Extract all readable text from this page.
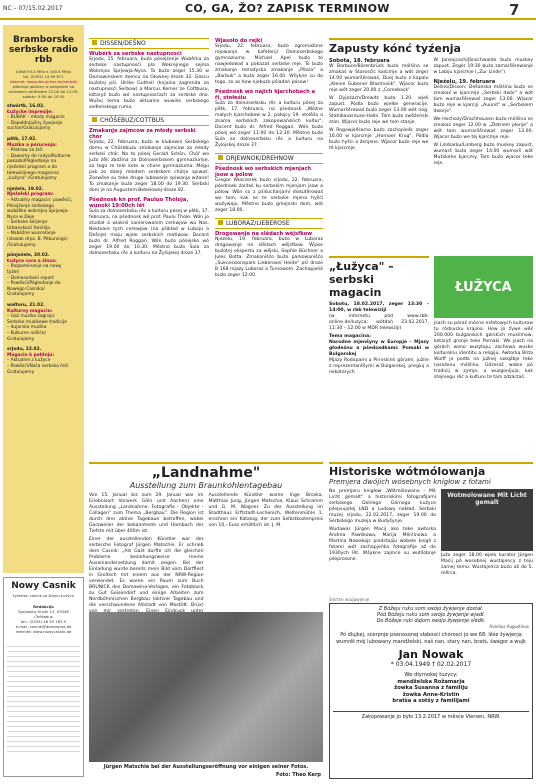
NC – 07/15.02.2017	CO, GA, ŽO? ZAPISK TERMINOW	7
Bramborske serbske radio rbb
(UKW 93.4 MHz a 100.5 MHz)
tel. (0355) 14 99 871
internet: www.rbb-online.de/serbski
wšednje gódziny w pónjeźele na serbskem zarědnem 12.00 do 13.00;
sobotu: 9.00 do 10.00
stwórtk, 16.02.
Łužycke impresije:
– BUBAK – młody magacin
– Dopołdnjajšny žywjenje
suchar/Gratulujomy
pětk, 17.02.
Muzika a pórucenja:
– Póstrow za žiśi
– Dawamy do radyo/Kulturne
pokazki/Pógledanje na
nježelski program a do
telewizijnego magacina
„Łužyca" /Gratulujomy
njeźela, 19.02.
Nježelski program:
– Aktualny magacin: powěsći,
Pósejźenje serbskego
wubźěka wokrejsa Sprjewja-
Nysa w Deje
– Serbske kórjenje:
Urbanskosć familija
– Nabóžne wuscelanje
(slowak drpz. B. Pitkunings)
/Gratulujomy
pónjeźele, 20.02.
Łužyca cora a źinsa:
– Rozpominanje na nowy
tyźeń
– Dolnoserbski report
– Powěsći/Pógledanje do
Nowego Casnika/
Gratulujomy
wałtoru, 21.02.
Kulturny magacin:
– Gaž muzika zagraju:
Serbske muzikowe tradicije
– dujarska muzika
– Kulturne nošiće/
Gratulujomy
srjodu, 22.02.
Magacin k połdnju:
– Aktualne z Łužyce
– Powěsći/Naša serbska řeč/
Gratulujomy
Nowy Casnik
tyźeński casnik za Dolnu Łužycu
Redakcija
Sprjewiny kružk 13, 03046 Chóśebuz
tel.: (0355) 48 55 763 0
e-mail: casnik@domowina.de
internet: www.nowycasnik.de
DISSEN/DEŠNO
Wuběrk za serbske nastupnosći

Srjodu, 15. februara, buźo pósejźenje Wuběrka za serbske nastupnosći pla Wokrejnego sejma Wokrejsa Sprjewja-Nysa. To buźo zeger 15.30 w Domowinskem domcu na Głownej droze 32. Góscu buźotej pśi. Ulrike Gutheil (knjaina zagronita za nastupnosći Serbow) a Marcus Kerner ze Cottbusu, kótaryž buźo wó nastupnosćach za serbske dno. Wušej tema buźo aktualne wuwiśe serbskego sedleńskego ruma.

CHÓŚEBUZ/COTTBUS
Zmakanje zajmcow za młody serbski chór

Srjodu, 22. februara, buźo w klubowni Serbskego domu w Chóśebuzu zmakanje zajmcow za młody serbski chór. Na to pósej Gerald Schön. Chóř wo južo źěli zbóžina za Dolnoserbskem gymnaziumje, za togo re tele koto w chore gymnaziuma. Mógu pak zo daleý młodem serbskem chórje spiwaś. Zaswěse su teke druge lubowarje spiwanja witane! To zmakanje buźo zeger 18.00 do 19.30. Serbski dom je na Augustem-Bebelowej-droze 82.

Pśednosk kn prof. Pauluo Tholoja, wunoki 19:00ch lět

Sula za dolnoserbsku rěc a kulturu pósej w pětk, 17. februara, na pśednosk wó prof. Paulu Thole. Wón jo studiał a wiaknil sanierowanim cerkwjow wu Nas. Nekteare tych cerkwjow (na pśikład w Luboju a Dešnje) maju wjele serbskich motiwow. Docent buźo dr. Alfred Roggan. Wón buźo pósejsko wó zeger 19.00 do 10.30. Městno buźo Sula za dolnoserbsku rěc a kulturu na Žylojskej droze 37.

Wjasoło do rejki

Srjodu, 22. februara, buźo zgromaźone rejowanje w kafeteriji Dolnoserbskego gymnaziuma. Michael Apel buźo to nawjedowaś a pokazaś serbske reje. To buźo zmakanje tematyska zmakanje „Pšeza" a „Barbuk" a buźo zeger 16.00. Wšykne su do togo, zo as how njebuźo pśiadań pósow!

Pśednosk wó najich kjarchobach a ři, stołeśiu

Sula za dolnoserbsku rěc a kulturu pósej za pětk, 17. februara, na pśednosk „Wóźne małych kjarchobow w 2. połojcy 19. stolěśa a znama serbskich zakopowańskich kultur". Docent buźo dr. Alfred Roggan. Wón buźo pósej wó zeger 11:00 do 12:30. Městno buźo Sula za dolnoserbsku rěc a kulturu na Žylojskej droze 37.

DRJEWNOK/DREHNOW
Pśednosk wó serbskich mjenjach jsow a pólow

Gregor Wieczorek buźo srjodu, 22. februara, pśednosk źaržaś ku serbskim mjenjam jsow a pólow. Wón co z pśiśucharjami diskutěrowaś wo tom, kak se te serbske mjena hyšći wužywaju. Městno buźo gmejnski dom, wót zeger 18.00.

LUBORAZ/LIEBEROSE
Drogowanje na slědach wějsfkow

Njeźelu, 19. februara, buźo w Luboraz drogowanje na slědach wějsfkow. Wjase buźotej ekspertu za wějski, Sophie Büchner a Jules Botta. Zmakanišćo buźo parkowanišćo „Sukcessionspark Lieberose/ Heide" pśi droze B 168 mjazy Luboraz a Turnowom. Zachopjeńk buźo zeger 12:00.

Zapusty kónć tyźenja
Sobota, 18. februara

W Barbuce/Bärenbrück buźo mólśina se zmakaś w Starosćic kaścmje a wót zeger 14.00 wumaršěrowaś, Duoj buźo z kapalu „Kleine Gubener Blasmusik". Wjacor buźo reje wót zeger 20.00 z „Comeback"

W Dyjeżach/Drewitz buźo 1.20. wjeli zapust. Pódla buźo wjelke generacije. Wumaršěrowaś buźo zeger 13.00 wót nog. Stahlbaukrause-Halle. Tam buźo swěźeński stan. Wjacor buźo reje we tom stanje.

W Rogowje/Horno buźo zachopieśk zeger 16.00 w kjarcmje „Hornoer Krug". Pódla buźo hyšci a žeńjene. Wjacor buźo reje we té kjarcmje.

W Jansojcach/Jänschwalde buźo muskey zapust. Zeger 19:30 buźo zamaršěrowanje w Labiju kjarcmje („Zur Linde").

Njeźelu, 19. februara

Dešno/Dissen: Dešańska mólśina buźo se zmakaś w kjarcmje „Serbski dwór" a wót tam wumaršěrowaś zeger 13.00. Wjacor buźo reje w kjarcŋi „Auund" w „Serbskem dworje".

We Hochozy/Drachhausen buźo mólśina se zmakaś zeger 12.00 w „Złotnem płonje" a wót tam wumaršěrowaś zeger 13.00. Wjacor buźo we tej kjarcmje reje.

W Limbarku/Limberg buźo muskey zapust, wumarš buźo zeger 14.00 wumarš wót Mužskeho kjarcmy. Tam buźo wjacor teke reje.

„Łužyca" – serbski magacin

Sobotu, 18.02.2017, zeger 13:30 – 14:00, w rbb telewiziji

(w internetu pód www.rbb-online.de/luzyca; wótdań 23.02.2017, 11:30 – 12:00 w MDR telewiziji)

Tema magacina:

Narodne mjenšyny w Europje – Mjazy głodeśnu a pśedsadkami: Pomaki w Bulgarskej

Mjazy Rodopami a Pirinskimi górami, južne z reprezentantšymi w Bulgarskej, pregiuj a nekotarych

ŁUŽYCA

jsach su póraś mócne městowych kulturow tu ródnucku krajina. How jo žywe wěś 200.000 bulgarskich górskich muslimow, kotaryž gronje teke Pomaki. We jsach na górách wono wuzýtaju, zachowa wuske kulturelnu identitu a religiju. Awtorka Brita Wulff je podła na južnej swajźbje teke naroźenu mólśinu. Gdzeraž wobie pó tradicij w zymje, a wuzgonijujo, kak stejniegu rěć a kulturu te tam zdzarźaś.

„Landnahme"
Ausstellung zum Braunkohlentagebau

Von 15. Januar bis zum 29. Januar war im Erlebnisort Vorwerk Göln und Aachen) eine Ausstellung „Landnahme. Fotografie - Objekte - Collagen" zum Thema „Bergbau". Die Region ist durch drei aktive Tagebaue betroffen, wobei Garzweiler der bekannteste und Hambach der Tiefste mit über 400m ist.

Einer der ausstellenden Künstler war der serbische Fotograf Jürgen Matschie. Er schrieb dem Casnik: „Als Gast durfte ich die gleichen Probleme beziehungsweise meine Auseinandersetzung damit zeigen. Bei der Einladung wurde bereits mein Bild vom Dorfflest in Groitsch mit einem aus der NRW-Region verwendet. Es waren ein Raum zum Buch BRUNICK des Domowina-Verlages, ein Fotoblock zu Gut Geisendorf und einige Arbeiten zum Nordböhmischen Bergbau (aktiver Tagebau und die verschwundene Altstadt von Most/dt. Brüx)

Ausstellende Künstler waren Inge Broska, Matthias Jung, Jürgen Matschie, Klaus Schramm und G. M. Wagner. Zu der Ausstellung im Stadthaus Erftstadt-Lechenich, Weltenmühle 1, erschien ein Katalog, der zum Selbstkostenpreis von 10,- Euro erhältlich ist. J. M.

Jürgen Matschie bei der Ausstellungseröffnung vor einigen seiner Fotos.
Foto: Theo Kerp
Historiske wótmólowanja
Premjera dwójich wósebnych knigłow z fotami

Na premjeru knigłow „Wótmólowane - Mit Licht gemalt" a historiskimi fotografijami serbskego Dolnego Górnego Łužyce pśepsujotej LND a Ludowy nakład. Serbski muzej srjodu, 22.02.2017, zeger 19.00 do Serbskego muzeja w Budyšynje.

Wudawar Jürgen Macij ako teke awtorka Andrea Pawlikowa, Marija Měrćinowa a Martina Nowakojc piedstajiju wobele knigłi z fotami wót zachopjeńka fotografije až do 1930ych lět. Wšykne zajmce su wutšobnje pśeprosone.

Wotmolowane Mit Licht gemalt

Južo zeger 18.00 wjeło kurator Jürgen Macij pó wosebnej wustajency z teju samej temu. Wustajeńca buźo až do 5. měrca.

Smrtne wozjawjenje
Z Bóžeju ruku som swójo žywjenje dostał.
Pód Bóžeju ruku som swójo žywjenje wjadł.
Do Bóžeje ruki dajom swójo žywjenje slědk.
Aurelius Augustinus

Pó dlujkej, scerpnje pśenosonej słabosći chórosći jo we 68. lěśe žywjenja wumrěł mój lubowany mandželski, naš nan, stary nan, bratś, šwagor a wujk

Jan Nowak
* 03.04.1949 † 02.02.2017
We dłymokej tuzycy:
mandželska Rožamarja
žowka Susanna z familiju
žowka Anne-Kristin
bratša a sotšy z familijami
Zakopowanje jo było 13.2.2017 w měsće Viersen, NRW.
